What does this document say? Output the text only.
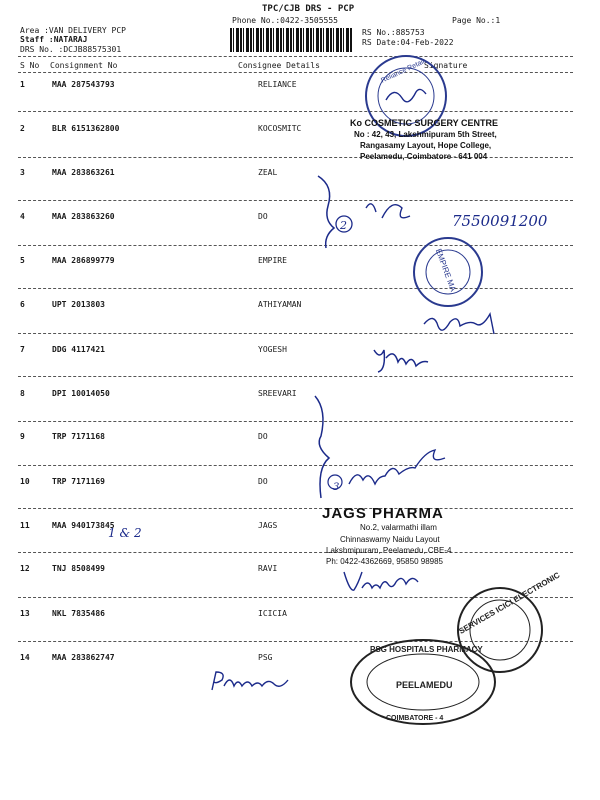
TPC/CJB DRS - PCP
Phone No.:0422-3505555	Page No.:1
Area :VAN DELIVERY PCP
Staff :NATARAJ
DRS No. :DCJB88575301
RS No.:885753
RS Date:04-Feb-2022
S No Consignment No	Consignee Details	Signature
1	MAA 287543793	RELIANCE
2	BLR 6151362800	KOCOSMITC
3	MAA 283863261	ZEAL
4	MAA 283863260	DO
5	MAA 286899779	EMPIRE
6	UPT 2013803	ATHIYAMAN
7	DDG 4117421	YOGESH
8	DPI 10014050	SREEVARI
9	TRP 7171168	DO
10	TRP 7171169	DO
11	MAA 940173845	JAGS
12	TNJ 8508499	RAVI
13	NKL 7835486	ICICIA
14	MAA 283862747	PSG
Reliance Retail
Ko COSMETIC SURGERY CENTRE
No : 42, 43, Lakshmipuram 5th Street,
Rangasamy Layout, Hope College,
Peelamedu, Coimbatore - 641 004
2	7550091200
EMPIRE MA
3
JAGS PHARMA
No.2, valarmathi illam
Chinnaswamy Naidu Layout
Lakshmipuram, Peelamedu, CBE-4
Ph: 0422-4362669, 95850 98985
1 & 2
SERVICES ICICI ELECTRONIC
PSG HOSPITALS PHARMACY
PEELAMEDU
COIMBATORE - 4
